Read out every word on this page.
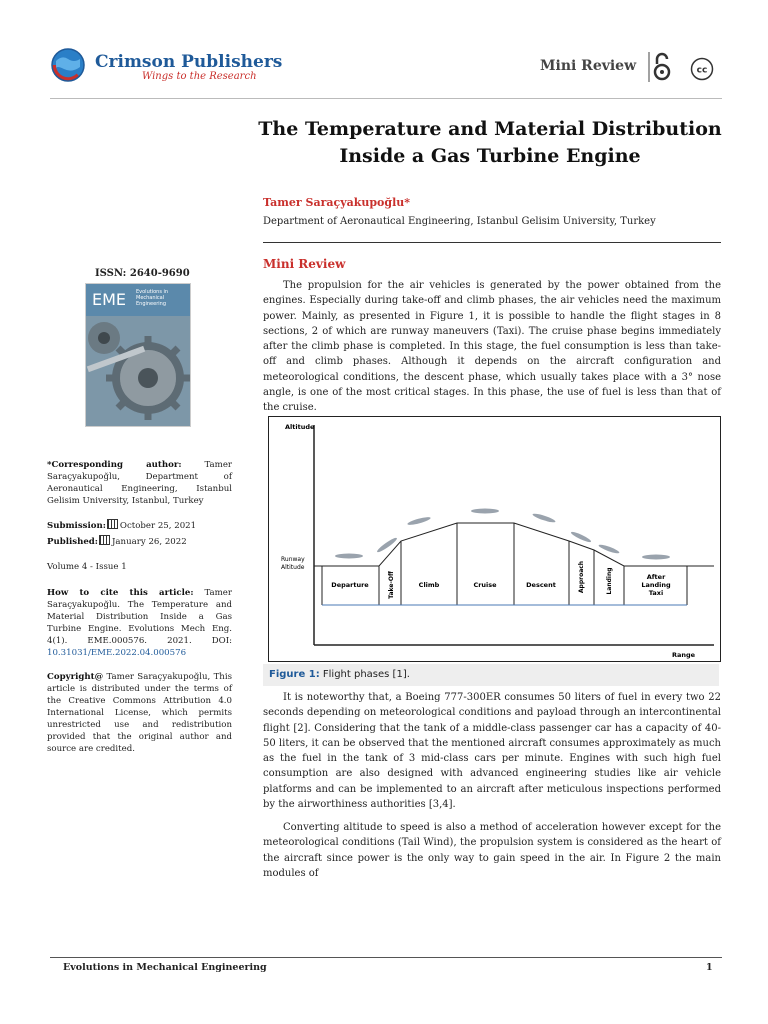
Crimson Publishers
Wings to the Research
Mini Review	cc
The Temperature and Material Distribution Inside a Gas Turbine Engine
Tamer Saraçyakupoğlu*
Department of Aeronautical Engineering, Istanbul Gelisim University, Turkey
Mini Review
The propulsion for the air vehicles is generated by the power obtained from the engines. Especially during take-off and climb phases, the air vehicles need the maximum power. Mainly, as presented in Figure 1, it is possible to handle the flight stages in 8 sections, 2 of which are runway maneuvers (Taxi). The cruise phase begins immediately after the climb phase is completed. In this stage, the fuel consumption is less than take-off and climb phases. Although it depends on the aircraft configuration and meteorological conditions, the descent phase, which usually takes place with a 3° nose angle, is one of the most critical stages. In this phase, the use of fuel is less than that of the cruise.
Altitude
Range
Runway
Altitude
Departure	Take-Off	Climb	Cruise	Descent	Approach	Landing	After
Landing
Taxi
Figure 1: Flight phases [1].
It is noteworthy that, a Boeing 777-300ER consumes 50 liters of fuel in every two 22 seconds depending on meteorological conditions and payload through an intercontinental flight [2]. Considering that the tank of a middle-class passenger car has a capacity of 40-50 liters, it can be observed that the mentioned aircraft consumes approximately as much as the fuel in the tank of 3 mid-class cars per minute. Engines with such high fuel consumption are also designed with advanced engineering studies like air vehicle platforms and can be implemented to an aircraft after meticulous inspections performed by the airworthiness authorities [3,4].
Converting altitude to speed is also a method of acceleration however except for the meteorological conditions (Tail Wind), the propulsion system is considered as the heart of the aircraft since power is the only way to gain speed in the air. In Figure 2 the main modules of
ISSN: 2640-9690
EME Evolutions in
Mechanical
Engineering
*Corresponding author:	Tamer Saraçyakupoğlu, Department of Aeronautical Engineering, Istanbul Gelisim University, Istanbul, Turkey
Submission: October 25, 2021
Published: January 26, 2022
Volume 4 - Issue 1
How to cite this article: Tamer Saraçyakupoğlu. The Temperature and Material Distribution Inside a Gas Turbine Engine. Evolutions Mech Eng. 4(1). EME.000576. 2021. DOI: 10.31031/EME.2022.04.000576
Copyright@ Tamer Saraçyakupoğlu, This article is distributed under the terms of the Creative Commons Attribution 4.0 International License, which permits unrestricted use and redistribution provided that the original author and source are credited.
Evolutions in Mechanical Engineering	1
